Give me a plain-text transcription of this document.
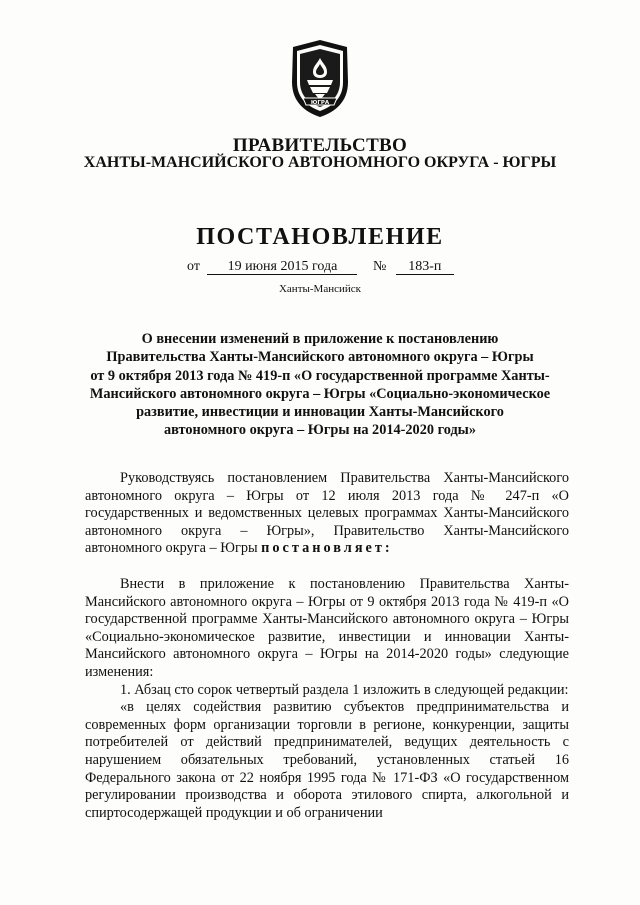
ЮГРА
ПРАВИТЕЛЬСТВО
ХАНТЫ-МАНСИЙСКОГО АВТОНОМНОГО ОКРУГА - ЮГРЫ
ПОСТАНОВЛЕНИЕ
от 19 июня 2015 года	№ 183-п
Ханты-Мансийск
О внесении изменений в приложение к постановлению
Правительства Ханты-Мансийского автономного округа – Югры
от 9 октября 2013 года № 419-п «О государственной программе Ханты-
Мансийского автономного округа – Югры «Социально-экономическое
развитие, инвестиции и инновации Ханты-Мансийского
автономного округа – Югры на 2014-2020 годы»

Руководствуясь постановлением Правительства Ханты-Мансийского автономного округа – Югры от 12 июля 2013 года № 247-п «О государственных и ведомственных целевых программах Ханты-Мансийского автономного округа – Югры», Правительство Ханты-Мансийского автономного округа – Югры постановляет:

Внести в приложение к постановлению Правительства Ханты-Мансийского автономного округа – Югры от 9 октября 2013 года № 419-п «О государственной программе Ханты-Мансийского автономного округа – Югры «Социально-экономическое развитие, инвестиции и инновации Ханты-Мансийского автономного округа – Югры на 2014-2020 годы» следующие изменения:

1. Абзац сто сорок четвертый раздела 1 изложить в следующей редакции:

«в целях содействия развитию субъектов предпринимательства и современных форм организации торговли в регионе, конкуренции, защиты потребителей от действий предпринимателей, ведущих деятельность с нарушением обязательных требований, установленных статьей 16 Федерального закона от 22 ноября 1995 года № 171-ФЗ «О государственном регулировании производства и оборота этилового спирта, алкогольной и спиртосодержащей продукции и об ограничении
